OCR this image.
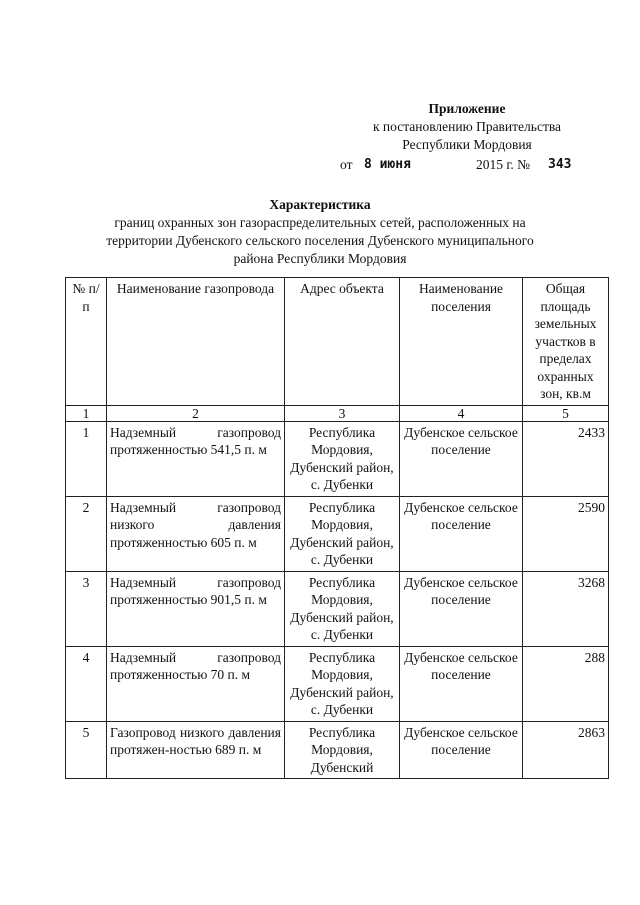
Приложение
к постановлению Правительства
Республики Мордовия
от 8 июня	2015 г. № 343
Характеристика
границ охранных зон газораспределительных сетей, расположенных на
территории Дубенского сельского поселения Дубенского муниципального
района Республики Мордовия
№ п/п	Наименование газопровода	Адрес объекта	Наименование поселения	Общая площадь земельных участков в пределах охранных зон, кв.м
1	2	3	4	5
1	Надземный газопровод протяженностью 541,5 п. м	Республика Мордовия, Дубенский район, с. Дубенки	Дубенское сельское поселение	2433
2	Надземный газопровод низкого давления протяженностью 605 п. м	Республика Мордовия, Дубенский район, с. Дубенки	Дубенское сельское поселение	2590
3	Надземный газопровод протяженностью 901,5 п. м	Республика Мордовия, Дубенский район, с. Дубенки	Дубенское сельское поселение	3268
4	Надземный газопровод протяженностью 70 п. м	Республика Мордовия, Дубенский район, с. Дубенки	Дубенское сельское поселение	288
5	Газопровод низкого давления протяжен-ностью 689 п. м	Республика Мордовия, Дубенский	Дубенское сельское поселение	2863
